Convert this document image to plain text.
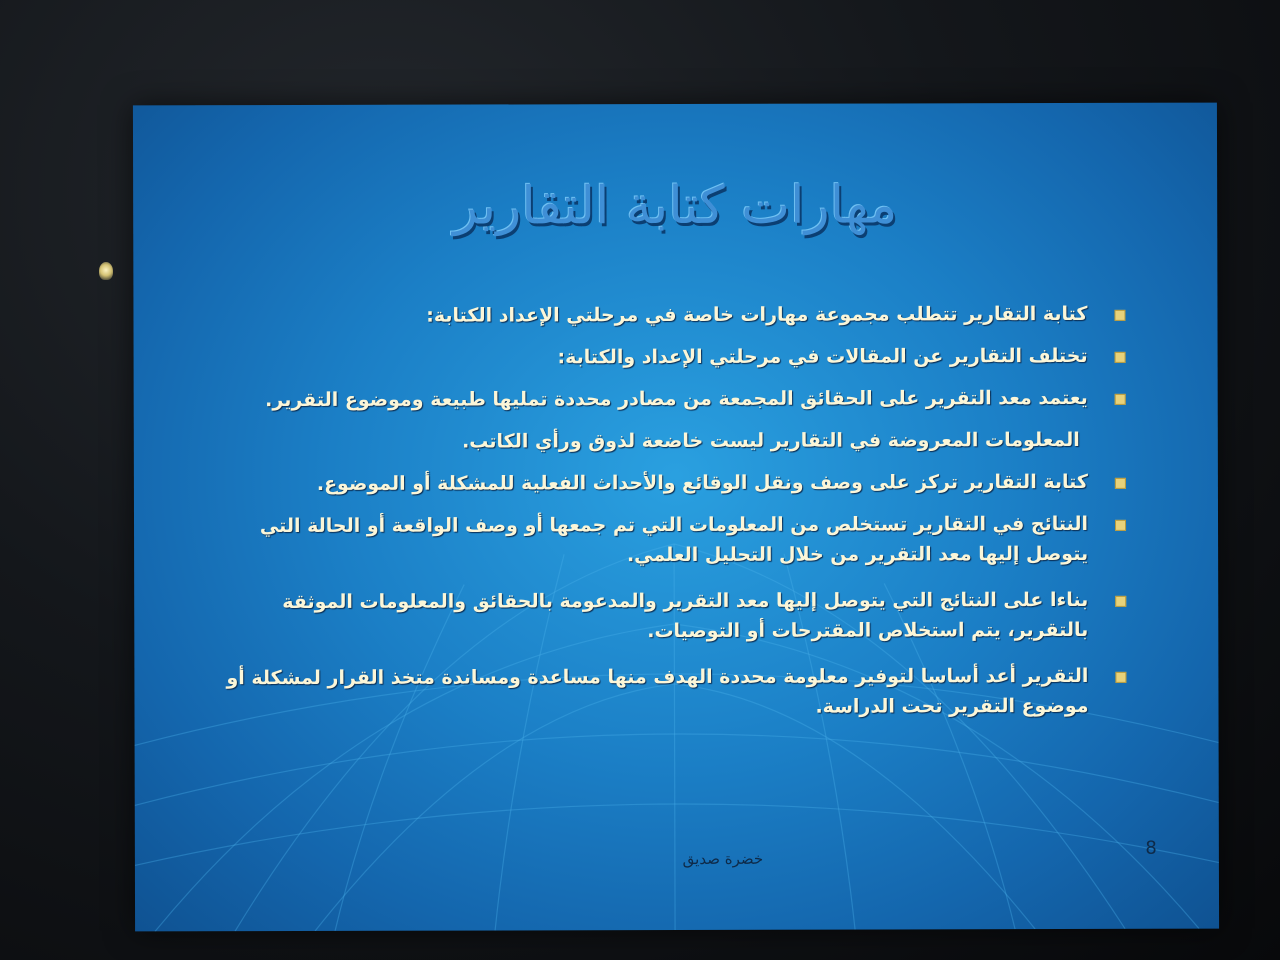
مهارات كتابة التقارير
كتابة التقارير تتطلب مجموعة مهارات خاصة في مرحلتي الإعداد الكتابة:
تختلف التقارير عن المقالات في مرحلتي الإعداد والكتابة:
يعتمد معد التقرير على الحقائق المجمعة من مصادر محددة تمليها طبيعة وموضوع التقرير.
المعلومات المعروضة في التقارير ليست خاضعة لذوق ورأي الكاتب.
كتابة التقارير تركز على وصف ونقل الوقائع والأحداث الفعلية للمشكلة أو الموضوع.
النتائج في التقارير تستخلص من المعلومات التي تم جمعها أو وصف الواقعة أو الحالة التي يتوصل إليها معد التقرير من خلال التحليل العلمي.
بناءا على النتائج التي يتوصل إليها معد التقرير والمدعومة بالحقائق والمعلومات الموثقة بالتقرير، يتم استخلاص المقترحات أو التوصيات.
التقرير أعد أساسا لتوفير معلومة محددة الهدف منها مساعدة ومساندة متخذ القرار لمشكلة أو موضوع التقرير تحت الدراسة.
خضرة صديق
8
